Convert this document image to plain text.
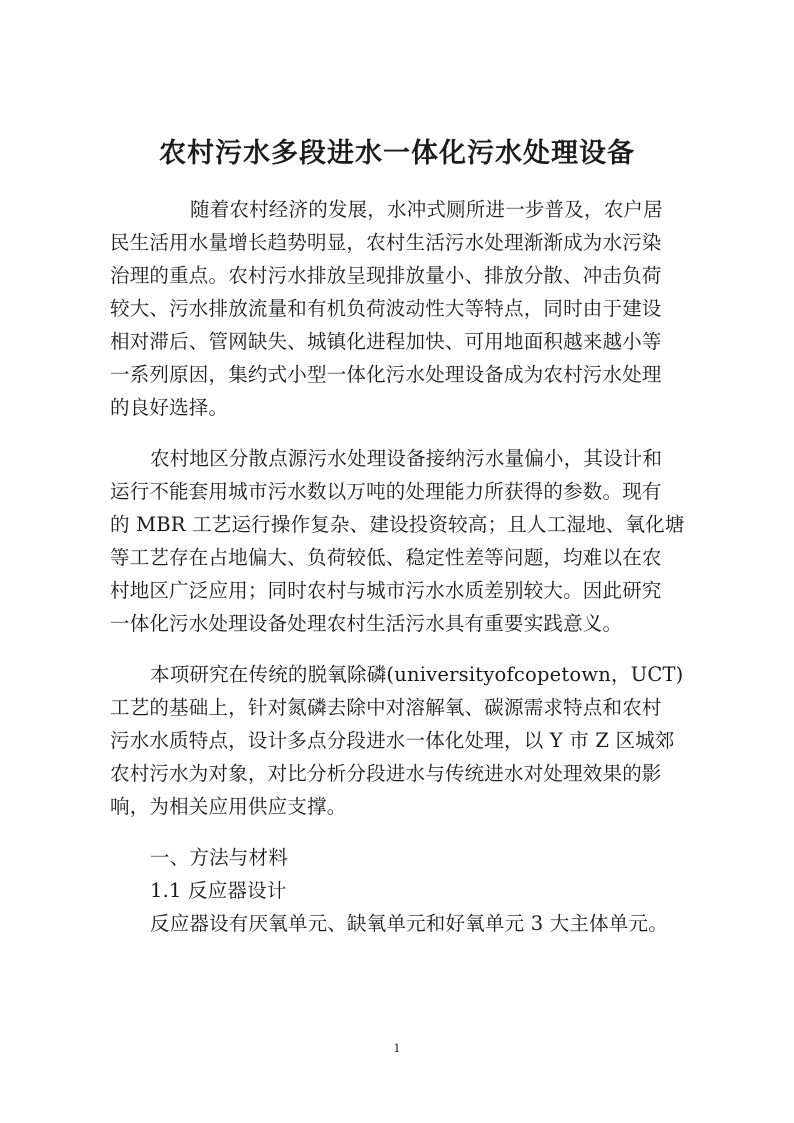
农村污水多段进水一体化污水处理设备
随着农村经济的发展，水冲式厕所进一步普及，农户居
民生活用水量增长趋势明显，农村生活污水处理渐渐成为水污染
治理的重点。农村污水排放呈现排放量小、排放分散、冲击负荷
较大、污水排放流量和有机负荷波动性大等特点，同时由于建设
相对滞后、管网缺失、城镇化进程加快、可用地面积越来越小等
一系列原因，集约式小型一体化污水处理设备成为农村污水处理
的良好选择。
农村地区分散点源污水处理设备接纳污水量偏小，其设计和
运行不能套用城市污水数以万吨的处理能力所获得的参数。现有
的 MBR 工艺运行操作复杂、建设投资较高；且人工湿地、氧化塘
等工艺存在占地偏大、负荷较低、稳定性差等问题，均难以在农
村地区广泛应用；同时农村与城市污水水质差别较大。因此研究
一体化污水处理设备处理农村生活污水具有重要实践意义。
本项研究在传统的脱氧除磷(universityofcopetown，UCT)
工艺的基础上，针对氮磷去除中对溶解氧、碳源需求特点和农村
污水水质特点，设计多点分段进水一体化处理，以 Y 市 Z 区城郊
农村污水为对象，对比分析分段进水与传统进水对处理效果的影
响，为相关应用供应支撑。
一、方法与材料
1.1 反应器设计
反应器设有厌氧单元、缺氧单元和好氧单元 3 大主体单元。
1
